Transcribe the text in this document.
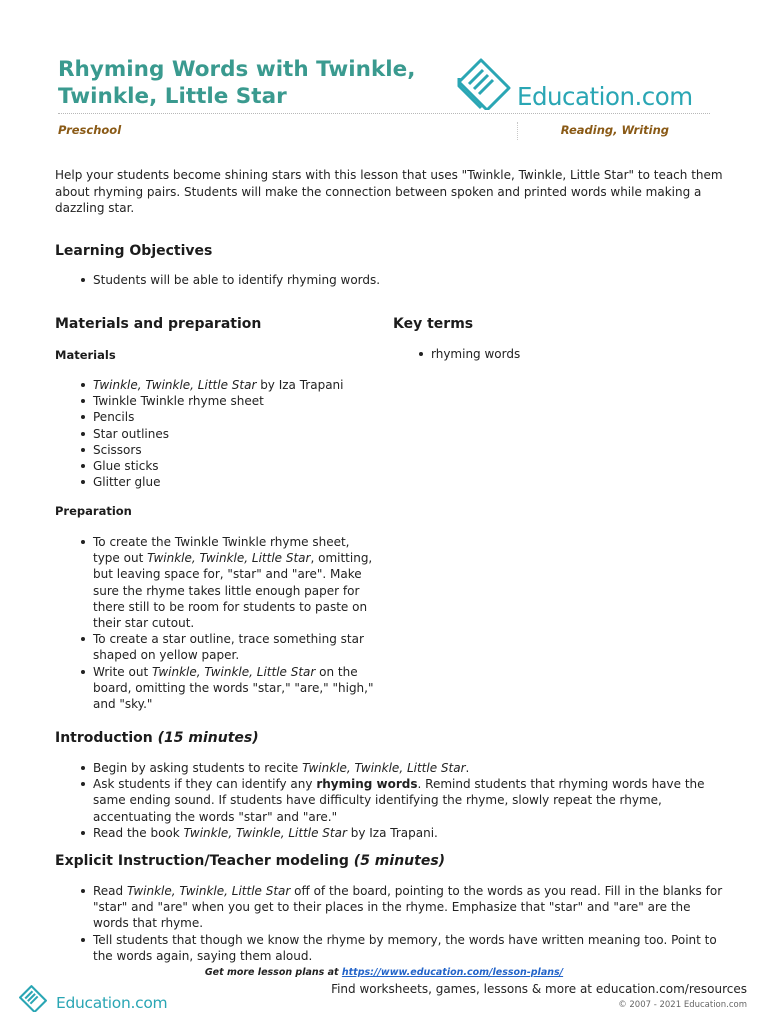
Rhyming Words with Twinkle,
Twinkle, Little Star	Education.com
Preschool	Reading, Writing
Help your students become shining stars with this lesson that uses "Twinkle, Twinkle, Little Star" to teach them about rhyming pairs. Students will make the connection between spoken and printed words while making a dazzling star.
Learning Objectives
Students will be able to identify rhyming words.
Materials and preparation
Materials
Twinkle, Twinkle, Little Star by Iza Trapani
Twinkle Twinkle rhyme sheet
Pencils
Star outlines
Scissors
Glue sticks
Glitter glue
Preparation
To create the Twinkle Twinkle rhyme sheet, type out Twinkle, Twinkle, Little Star, omitting, but leaving space for, "star" and "are". Make sure the rhyme takes little enough paper for there still to be room for students to paste on their star cutout.
To create a star outline, trace something star shaped on yellow paper.
Write out Twinkle, Twinkle, Little Star on the board, omitting the words "star," "are," "high," and "sky."
Key terms
rhyming words
Introduction (15 minutes)
Begin by asking students to recite Twinkle, Twinkle, Little Star.
Ask students if they can identify any rhyming words. Remind students that rhyming words have the same ending sound. If students have difficulty identifying the rhyme, slowly repeat the rhyme, accentuating the words "star" and "are."
Read the book Twinkle, Twinkle, Little Star by Iza Trapani.
Explicit Instruction/Teacher modeling (5 minutes)
Read Twinkle, Twinkle, Little Star off of the board, pointing to the words as you read. Fill in the blanks for "star" and "are" when you get to their places in the rhyme. Emphasize that "star" and "are" are the words that rhyme.
Tell students that though we know the rhyme by memory, the words have written meaning too. Point to the words again, saying them aloud.
Get more lesson plans at https://www.education.com/lesson-plans/
Education.com
Find worksheets, games, lessons & more at education.com/resources
© 2007 - 2021 Education.com
